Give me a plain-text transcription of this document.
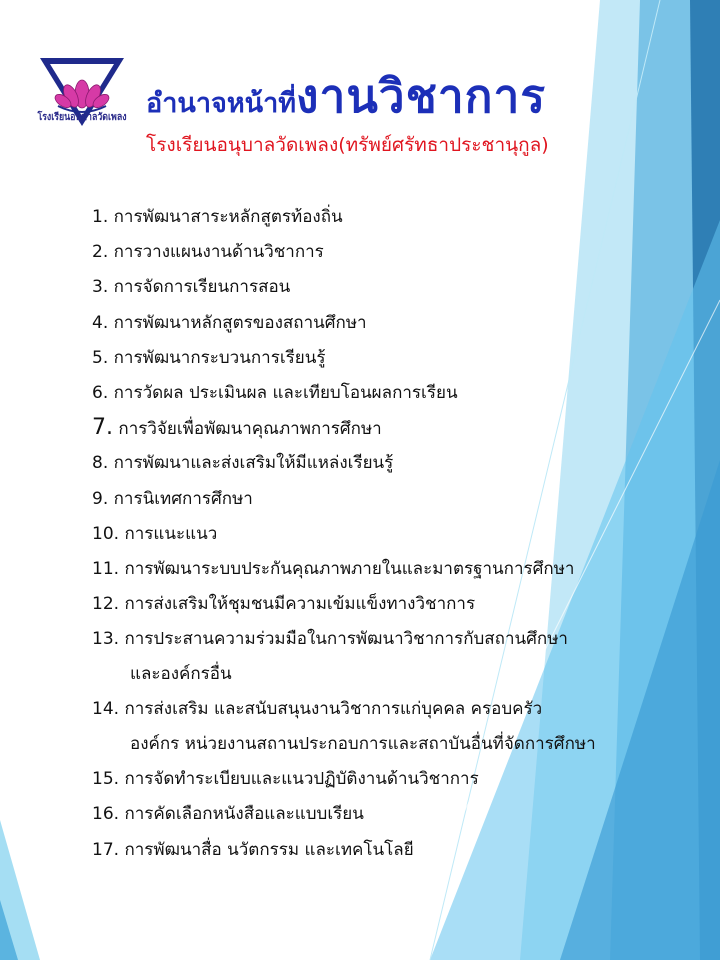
โรงเรียนอนุบาลวัดเพลง อำนาจหน้าที่งานวิชาการ
โรงเรียนอนุบาลวัดเพลง(ทรัพย์ศรัทธาประชานุกูล)
1. การพัฒนาสาระหลักสูตรท้องถิ่น
2. การวางแผนงานด้านวิชาการ
3. การจัดการเรียนการสอน
4. การพัฒนาหลักสูตรของสถานศึกษา
5. การพัฒนากระบวนการเรียนรู้
6. การวัดผล ประเมินผล และเทียบโอนผลการเรียน
7. การวิจัยเพื่อพัฒนาคุณภาพการศึกษา
8. การพัฒนาและส่งเสริมให้มีแหล่งเรียนรู้
9. การนิเทศการศึกษา
10. การแนะแนว
11. การพัฒนาระบบประกันคุณภาพภายในและมาตรฐานการศึกษา
12. การส่งเสริมให้ชุมชนมีความเข้มแข็งทางวิชาการ
13. การประสานความร่วมมือในการพัฒนาวิชาการกับสถานศึกษา
และองค์กรอื่น
14. การส่งเสริม และสนับสนุนงานวิชาการแก่บุคคล ครอบครัว
องค์กร หน่วยงานสถานประกอบการและสถาบันอื่นที่จัดการศึกษา
15. การจัดทำระเบียบและแนวปฏิบัติงานด้านวิชาการ
16. การคัดเลือกหนังสือและแบบเรียน
17. การพัฒนาสื่อ นวัตกรรม และเทคโนโลยี
